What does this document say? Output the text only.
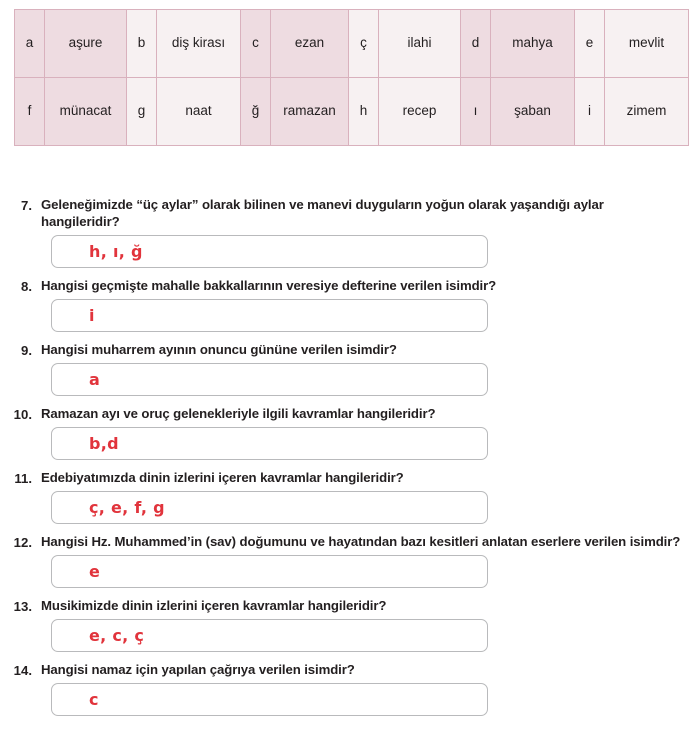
a	aşure	b	diş kirası	c	ezan	ç	ilahi	d	mahya	e	mevlit
f	münacat	g	naat	ğ	ramazan	h	recep	ı	şaban	i	zimem
7. Geleneğimizde “üç aylar” olarak bilinen ve manevi duyguların yoğun olarak yaşandığı aylar hangileridir?

h, ı, ğ
8. Hangisi geçmişte mahalle bakkallarının veresiye defterine verilen isimdir?

i
9. Hangisi muharrem ayının onuncu gününe verilen isimdir?

a
10. Ramazan ayı ve oruç gelenekleriyle ilgili kavramlar hangileridir?

b,d
11. Edebiyatımızda dinin izlerini içeren kavramlar hangileridir?

ç, e, f, g
12. Hangisi Hz. Muhammed’in (sav) doğumunu ve hayatından bazı kesitleri anlatan eserlere verilen isimdir?

e
13. Musikimizde dinin izlerini içeren kavramlar hangileridir?

e, c, ç
14. Hangisi namaz için yapılan çağrıya verilen isimdir?

c
